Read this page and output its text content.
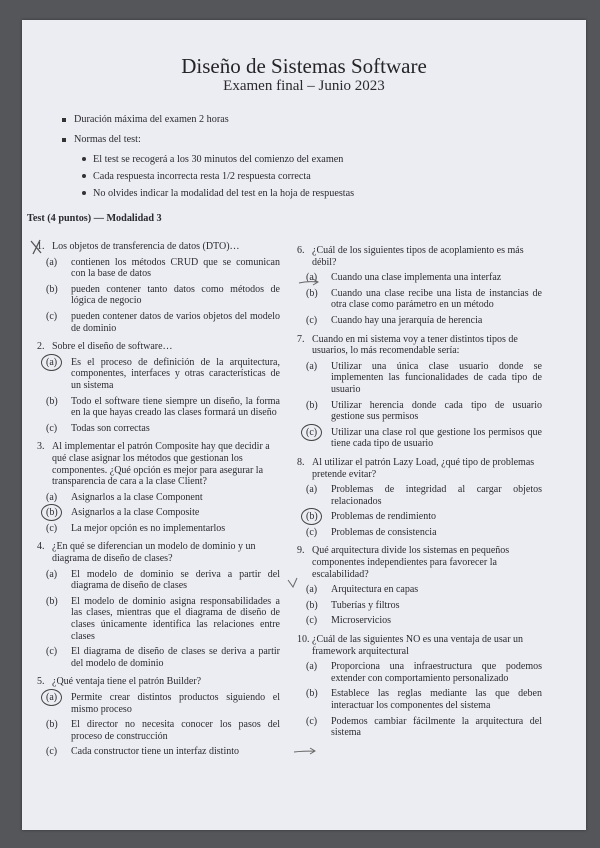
Diseño de Sistemas Software
Examen final – Junio 2023
Duración máxima del examen 2 horas
Normas del test:
El test se recogerá a los 30 minutos del comienzo del examen
Cada respuesta incorrecta resta 1/2 respuesta correcta
No olvides indicar la modalidad del test en la hoja de respuestas
Test (4 puntos) — Modalidad 3
1. Los objetos de transferencia de datos (DTO)…
(a)	contienen los métodos CRUD que se comunican con la base de datos
(b)	pueden contener tanto datos como métodos de lógica de negocio
(c)	pueden contener datos de varios objetos del modelo de dominio
2. Sobre el diseño de software…
(a)	Es el proceso de definición de la arquitectura, componentes, interfaces y otras características de un sistema
(b)	Todo el software tiene siempre un diseño, la forma en la que hayas creado las clases formará un diseño
(c)	Todas son correctas
3. Al implementar el patrón Composite hay que decidir a qué clase asignar los métodos que gestionan los componentes. ¿Qué opción es mejor para asegurar la transparencia de cara a la clase Client?
(a)	Asignarlos a la clase Component
(b)	Asignarlos a la clase Composite
(c)	La mejor opción es no implementarlos
4. ¿En qué se diferencian un modelo de dominio y un diagrama de diseño de clases?
(a)	El modelo de dominio se deriva a partir del diagrama de diseño de clases
(b)	El modelo de dominio asigna responsabilidades a las clases, mientras que el diagrama de diseño de clases únicamente identifica las relaciones entre clases
(c)	El diagrama de diseño de clases se deriva a partir del modelo de dominio
5. ¿Qué ventaja tiene el patrón Builder?
(a)	Permite crear distintos productos siguiendo el mismo proceso
(b)	El director no necesita conocer los pasos del proceso de construcción
(c)	Cada constructor tiene un interfaz distinto
6. ¿Cuál de los siguientes tipos de acoplamiento es más débil?
(a)	Cuando una clase implementa una interfaz
(b)	Cuando una clase recibe una lista de instancias de otra clase como parámetro en un método
(c)	Cuando hay una jerarquía de herencia
7. Cuando en mi sistema voy a tener distintos tipos de usuarios, lo más recomendable sería:
(a)	Utilizar una única clase usuario donde se implementen las funcionalidades de cada tipo de usuario
(b)	Utilizar herencia donde cada tipo de usuario gestione sus permisos
(c)	Utilizar una clase rol que gestione los permisos que tiene cada tipo de usuario
8. Al utilizar el patrón Lazy Load, ¿qué tipo de problemas pretende evitar?
(a)	Problemas de integridad al cargar objetos relacionados
(b)	Problemas de rendimiento
(c)	Problemas de consistencia
9. Qué arquitectura divide los sistemas en pequeños componentes independientes para favorecer la escalabilidad?
(a)	Arquitectura en capas
(b)	Tuberías y filtros
(c)	Microservicios
10. ¿Cuál de las siguientes NO es una ventaja de usar un framework arquitectural
(a)	Proporciona una infraestructura que podemos extender con comportamiento personalizado
(b)	Establece las reglas mediante las que deben interactuar los componentes del sistema
(c)	Podemos cambiar fácilmente la arquitectura del sistema
